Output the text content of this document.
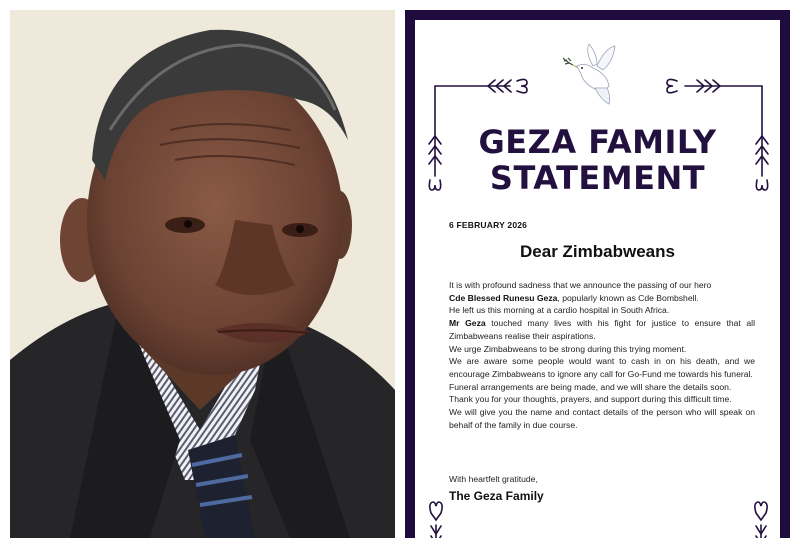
GEZA FAMILY
STATEMENT
6 FEBRUARY 2026
Dear Zimbabweans

It is with profound sadness that we announce the passing of our hero

Cde Blessed Runesu Geza, popularly known as Cde Bombshell.

He left us this morning at a cardio hospital in South Africa.

Mr Geza touched many lives with his fight for justice to ensure that all Zimbabweans realise their aspirations.

We urge Zimbabweans to be strong during this trying moment.

We are aware some people would want to cash in on his death, and we encourage Zimbabweans to ignore any call for Go-Fund me towards his funeral.

Funeral arrangements are being made, and we will share the details soon.

Thank you for your thoughts, prayers, and support during this difficult time.

We will give you the name and contact details of the person who will speak on behalf of the family in due course.

With heartfelt gratitude,
The Geza Family
